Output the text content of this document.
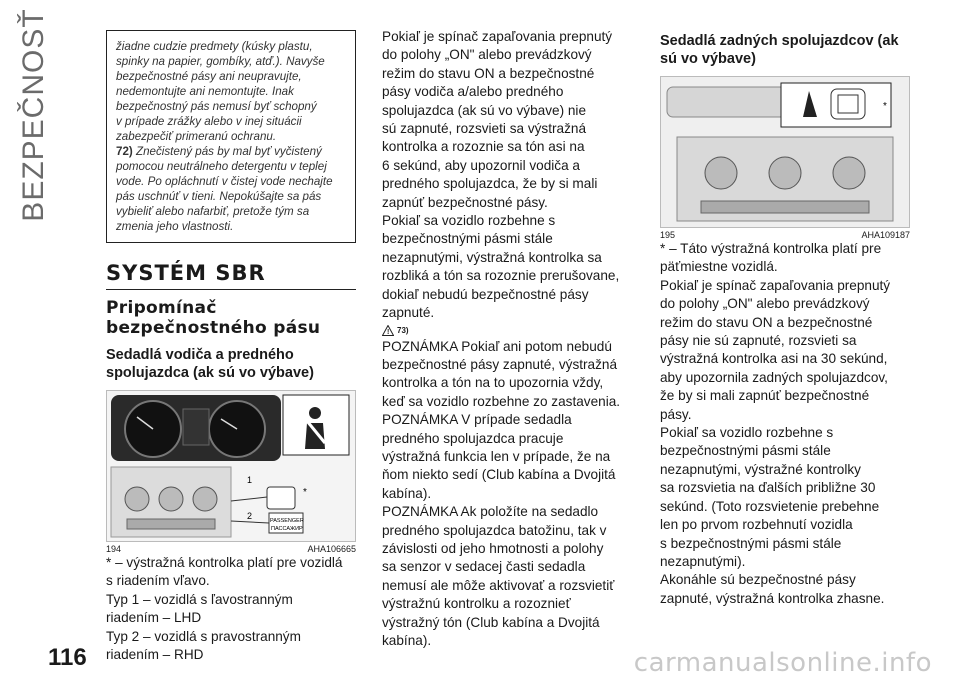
BEZPEČNOSŤ	žiadne cudzie predmety (kúsky plastu,

spinky na papier, gombíky, atď.). Navyše

bezpečnostné pásy ani neupravujte,

nedemontujte ani nemontujte. Inak

bezpečnostný pás nemusí byť schopný

v prípade zrážky alebo v inej situácii

zabezpečiť primeranú ochranu.

72) Znečistený pás by mal byť vyčistený

pomocou neutrálneho detergentu v teplej

vode. Po opláchnutí v čistej vode nechajte

pás uschnúť v tieni. Nepokúšajte sa pás

vybieliť alebo nafarbiť, pretože tým sa

zmenia jeho vlastnosti.

SYSTÉM SBR
Pripomínač bezpečnostného pásu
Sedadlá vodiča a predného spolujazdca (ak sú vo výbave)
1
2
*
PASSENGER
ПАССАЖИР
194	AHA106665

* – výstražná kontrolka platí pre vozidlá

s riadením vľavo.

Typ 1 – vozidlá s ľavostranným

riadením – LHD

Typ 2 – vozidlá s pravostranným

riadením – RHD

Pokiaľ je spínač zapaľovania prepnutý

do polohy „ON" alebo prevádzkový

režim do stavu ON a bezpečnostné

pásy vodiča a/alebo predného

spolujazdca (ak sú vo výbave) nie

sú zapnuté, rozsvieti sa výstražná

kontrolka a rozoznie sa tón asi na

6 sekúnd, aby upozornil vodiča a

predného spolujazdca, že by si mali

zapnúť bezpečnostné pásy.

Pokiaľ sa vozidlo rozbehne s

bezpečnostnými pásmi stále

nezapnutými, výstražná kontrolka sa

rozbliká a tón sa rozoznie prerušovane,

dokiaľ nebudú bezpečnostné pásy

zapnuté.

! 73)

POZNÁMKA Pokiaľ ani potom nebudú

bezpečnostné pásy zapnuté, výstražná

kontrolka a tón na to upozornia vždy,

keď sa vozidlo rozbehne zo zastavenia.

POZNÁMKA V prípade sedadla

predného spolujazdca pracuje

výstražná funkcia len v prípade, že na

ňom niekto sedí (Club kabína a Dvojitá

kabína).

POZNÁMKA Ak položíte na sedadlo

predného spolujazdca batožinu, tak v

závislosti od jeho hmotnosti a polohy

sa senzor v sedacej časti sedadla

nemusí ale môže aktivovať a rozsvietiť

výstražnú kontrolku a rozoznieť

výstražný tón (Club kabína a Dvojitá

kabína).

Sedadlá zadných spolujazdcov (ak sú vo výbave)
*
195	AHA109187

* – Táto výstražná kontrolka platí pre

päťmiestne vozidlá.

Pokiaľ je spínač zapaľovania prepnutý

do polohy „ON" alebo prevádzkový

režim do stavu ON a bezpečnostné

pásy nie sú zapnuté, rozsvieti sa

výstražná kontrolka asi na 30 sekúnd,

aby upozornila zadných spolujazdcov,

že by si mali zapnúť bezpečnostné

pásy.

Pokiaľ sa vozidlo rozbehne s

bezpečnostnými pásmi stále

nezapnutými, výstražné kontrolky

sa rozsvietia na ďalších približne 30

sekúnd. (Toto rozsvietenie prebehne

len po prvom rozbehnutí vozidla

s bezpečnostnými pásmi stále

nezapnutými).

Akonáhle sú bezpečnostné pásy

zapnuté, výstražná kontrolka zhasne.

116	carmanualsonline.info
